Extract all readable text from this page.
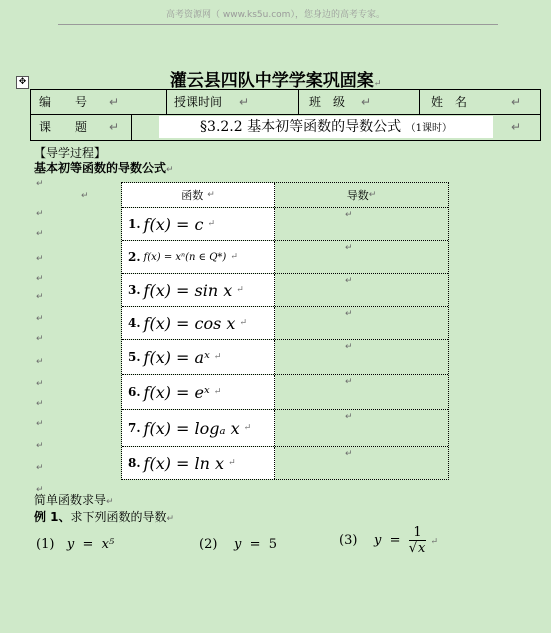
高考资源网（ www.ks5u.com），您身边的高考专家。
✥	灌云县四队中学学案巩固案↵
编　　号 ↵	授课时间 ↵	班　级 ↵	姓　名	↵
课　　题 ↵	§3.2.2 基本初等函数的导数公式 （1课时）	↵
【导学过程】
基本初等函数的导数公式↵
↵
↵
↵
↵
↵
↵
↵
↵
↵
↵
↵
↵
↵
↵
↵
↵
函数 ↵	导数 ↵
1. f(x) = c ↵
↵
2. f(x) = xⁿ(n ∈ Q*) ↵
↵
3. f(x) = sin x ↵
↵
4. f(x) = cos x ↵
↵
5. f(x) = aˣ ↵
↵
6. f(x) = eˣ ↵
↵
7. f(x) = logₐ x ↵
↵
8. f(x) = ln x ↵
↵
简单函数求导↵
例 1、求下列函数的导数↵
(1) y = x⁵	(2) y = 5	(3) $y = \frac{1}{√x}$ ↵
